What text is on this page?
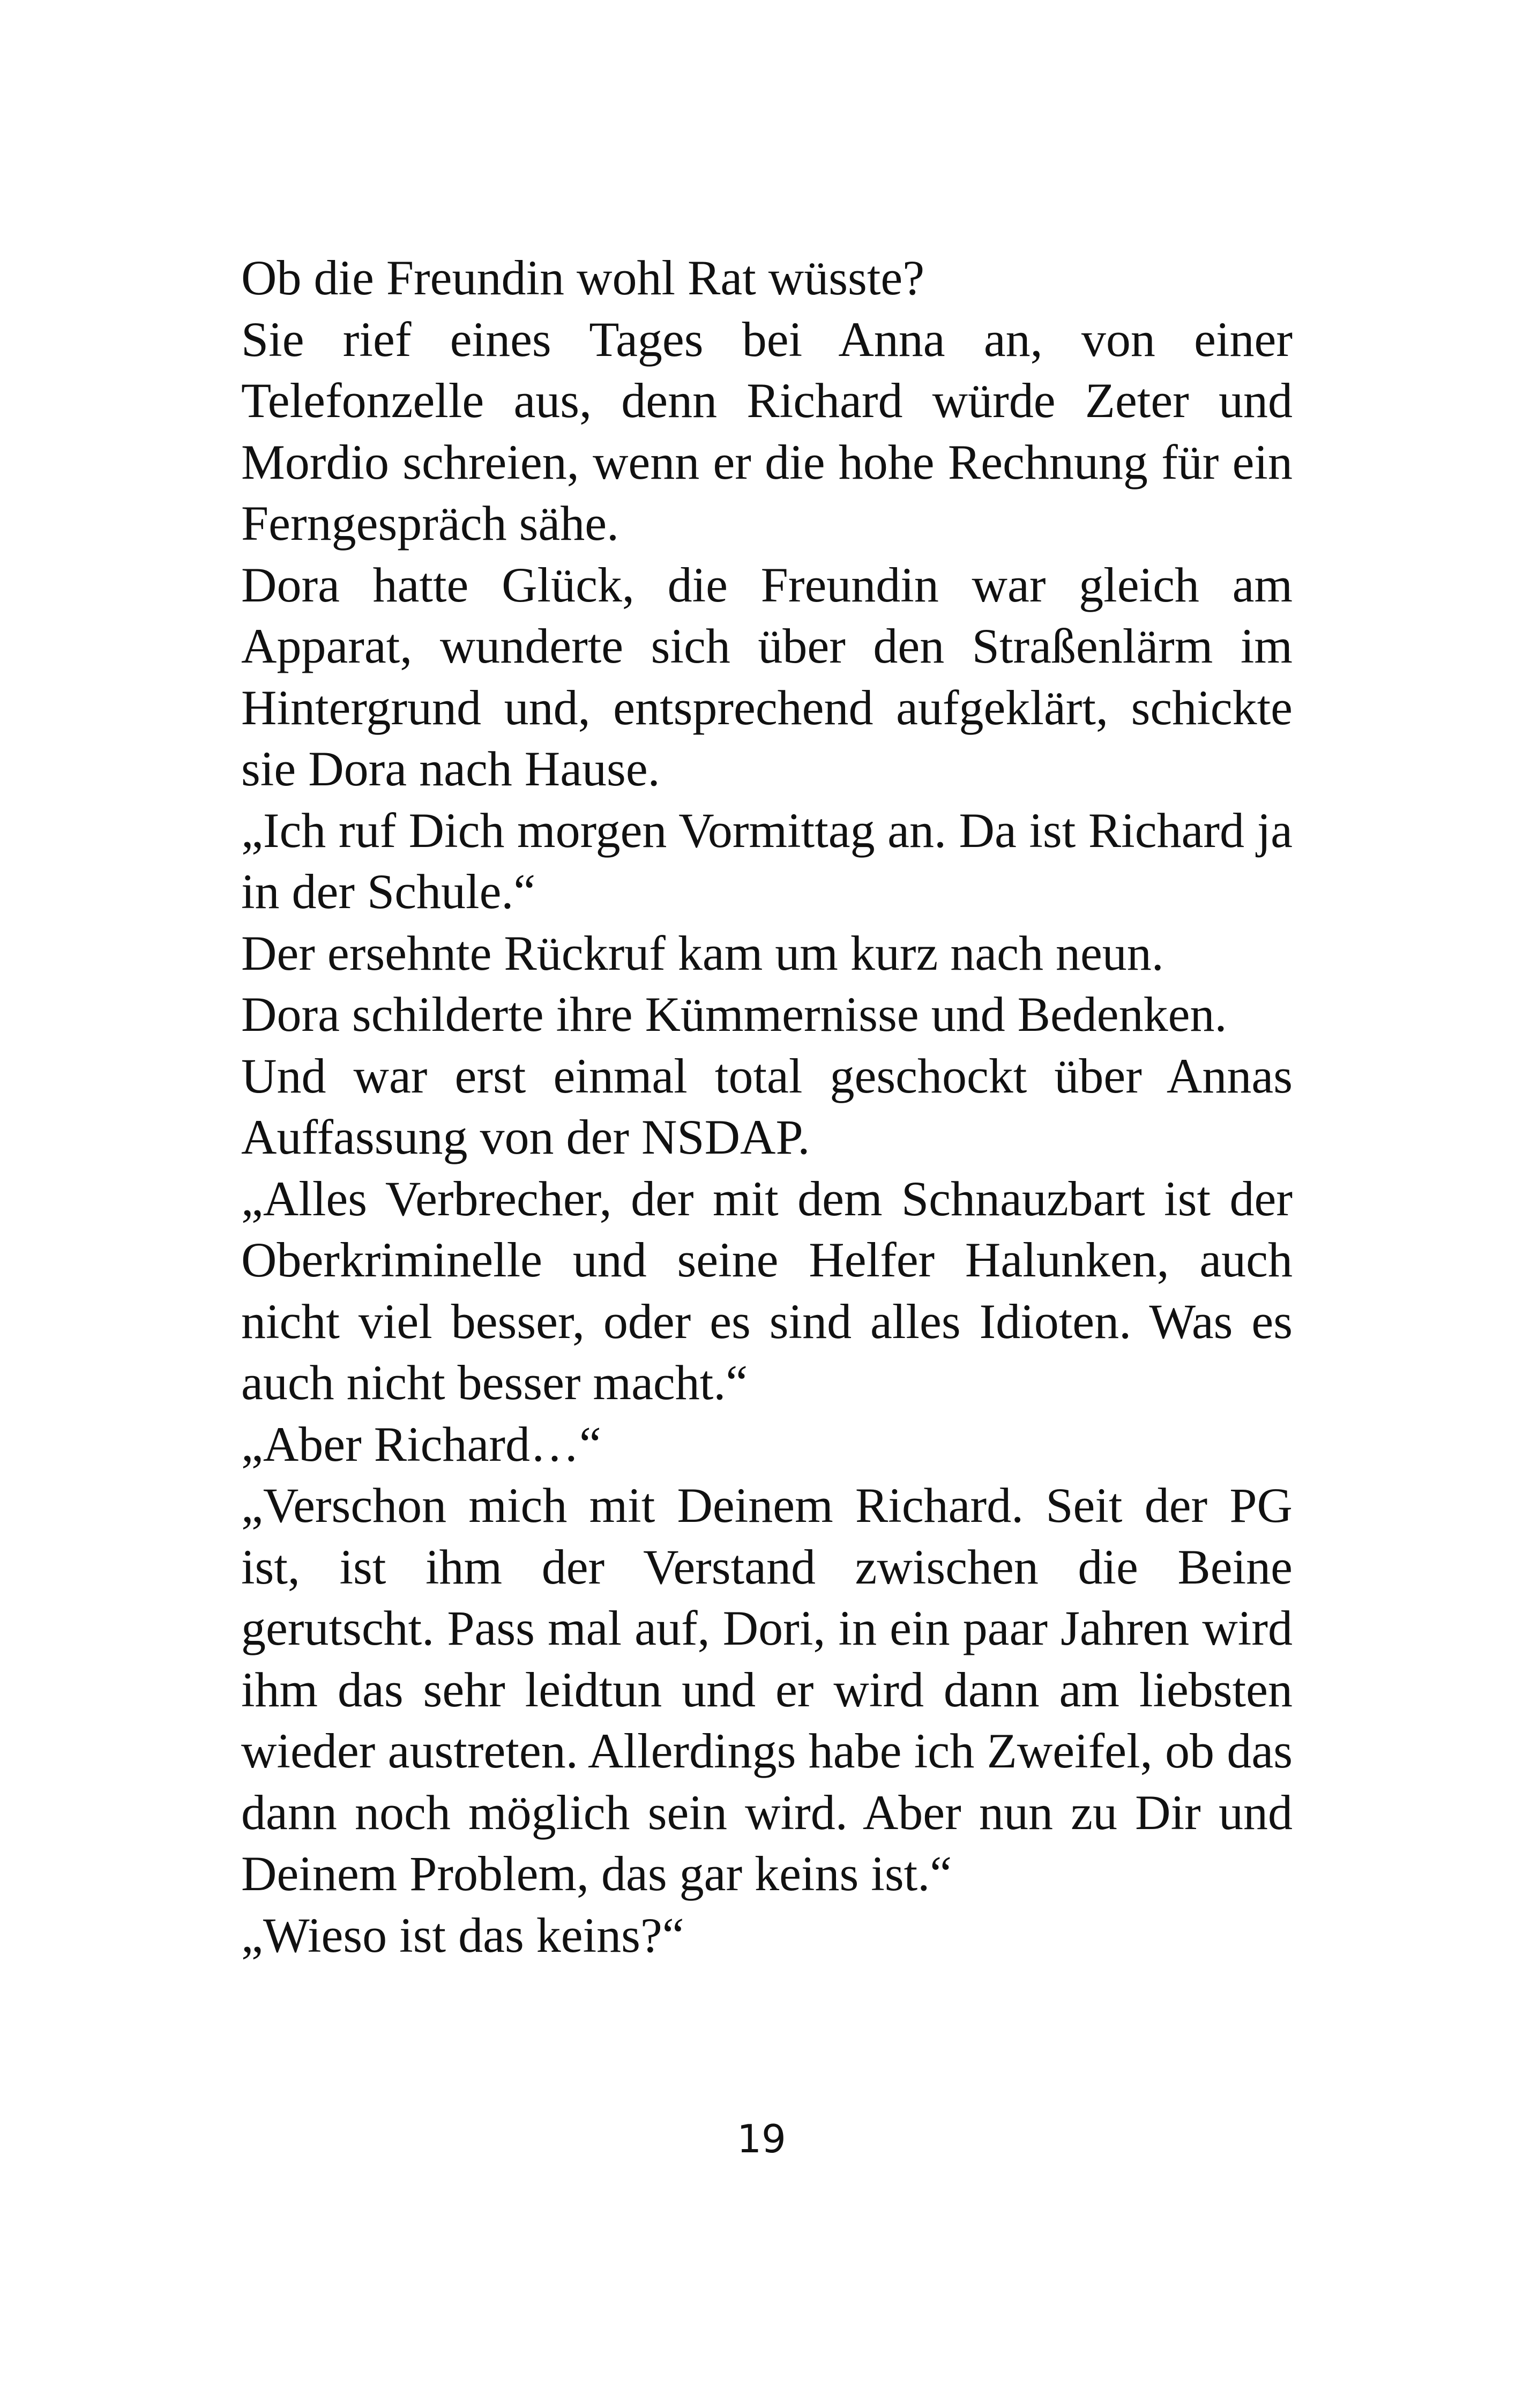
Ob die Freundin wohl Rat wüsste?

Sie rief eines Tages bei Anna an, von einer Telefonzelle aus, denn Richard würde Zeter und Mordio schreien, wenn er die hohe Rechnung für ein Ferngespräch sähe.

Dora hatte Glück, die Freundin war gleich am Apparat, wunderte sich über den Straßenlärm im Hintergrund und, entsprechend aufgeklärt, schickte sie Dora nach Hause.

„Ich ruf Dich morgen Vormittag an. Da ist Richard ja in der Schule.“

Der ersehnte Rückruf kam um kurz nach neun.

Dora schilderte ihre Kümmernisse und Bedenken.

Und war erst einmal total geschockt über Annas Auffassung von der NSDAP.

„Alles Verbrecher, der mit dem Schnauzbart ist der Oberkriminelle und seine Helfer Halunken, auch nicht viel besser, oder es sind alles Idioten. Was es auch nicht besser macht.“

„Aber Richard…“

„Verschon mich mit Deinem Richard. Seit der PG ist, ist ihm der Verstand zwischen die Beine gerutscht. Pass mal auf, Dori, in ein paar Jahren wird ihm das sehr leidtun und er wird dann am liebsten wieder austreten. Allerdings habe ich Zweifel, ob das dann noch möglich sein wird. Aber nun zu Dir und Deinem Problem, das gar keins ist.“

„Wieso ist das keins?“

19
